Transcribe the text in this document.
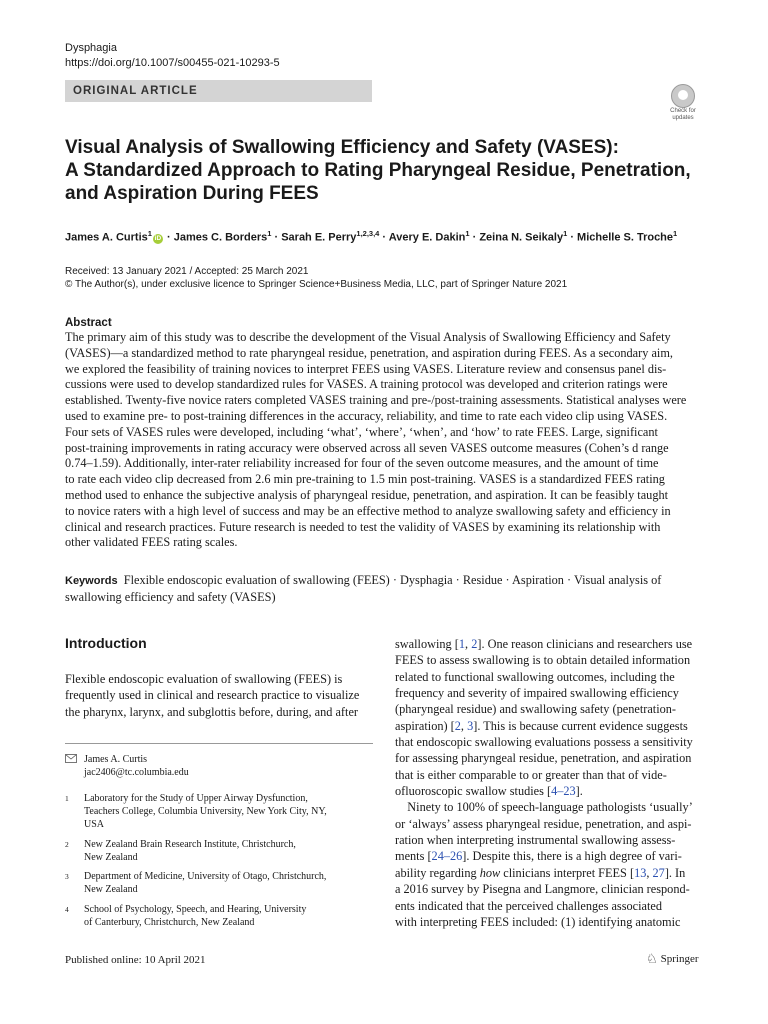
Dysphagia
https://doi.org/10.1007/s00455-021-10293-5
ORIGINAL ARTICLE
Check for updates
Visual Analysis of Swallowing Efficiency and Safety (VASES):
A Standardized Approach to Rating Pharyngeal Residue, Penetration,
and Aspiration During FEES
James A. Curtis$^1$iD · James C. Borders$^1$ · Sarah E. Perry$^{1,2,3,4}$ · Avery E. Dakin$^1$ · Zeina N. Seikaly$^1$ · Michelle S. Troche$^1$
Received: 13 January 2021 / Accepted: 25 March 2021
© The Author(s), under exclusive licence to Springer Science+Business Media, LLC, part of Springer Nature 2021
Abstract
The primary aim of this study was to describe the development of the Visual Analysis of Swallowing Efficiency and Safety
(VASES)—a standardized method to rate pharyngeal residue, penetration, and aspiration during FEES. As a secondary aim,
we explored the feasibility of training novices to interpret FEES using VASES. Literature review and consensus panel dis-
cussions were used to develop standardized rules for VASES. A training protocol was developed and criterion ratings were
established. Twenty-five novice raters completed VASES training and pre-/post-training assessments. Statistical analyses were
used to examine pre- to post-training differences in the accuracy, reliability, and time to rate each video clip using VASES.
Four sets of VASES rules were developed, including ‘what’, ‘where’, ‘when’, and ‘how’ to rate FEES. Large, significant
post-training improvements in rating accuracy were observed across all seven VASES outcome measures (Cohen’s d range
0.74–1.59). Additionally, inter-rater reliability increased for four of the seven outcome measures, and the amount of time
to rate each video clip decreased from 2.6 min pre-training to 1.5 min post-training. VASES is a standardized FEES rating
method used to enhance the subjective analysis of pharyngeal residue, penetration, and aspiration. It can be feasibly taught
to novice raters with a high level of success and may be an effective method to analyze swallowing safety and efficiency in
clinical and research practices. Future research is needed to test the validity of VASES by examining its relationship with
other validated FEES rating scales.
Keywords Flexible endoscopic evaluation of swallowing (FEES) · Dysphagia · Residue · Aspiration · Visual analysis of
swallowing efficiency and safety (VASES)
Introduction
Flexible endoscopic evaluation of swallowing (FEES) is
frequently used in clinical and research practice to visualize
the pharynx, larynx, and subglottis before, during, and after
James A. Curtis
jac2406@tc.columbia.edu
1 Laboratory for the Study of Upper Airway Dysfunction,
Teachers College, Columbia University, New York City, NY,
USA
2 New Zealand Brain Research Institute, Christchurch,
New Zealand
3 Department of Medicine, University of Otago, Christchurch,
New Zealand
4 School of Psychology, Speech, and Hearing, University
of Canterbury, Christchurch, New Zealand
swallowing [1, 2]. One reason clinicians and researchers use
FEES to assess swallowing is to obtain detailed information
related to functional swallowing outcomes, including the
frequency and severity of impaired swallowing efficiency
(pharyngeal residue) and swallowing safety (penetration-
aspiration) [2, 3]. This is because current evidence suggests
that endoscopic swallowing evaluations possess a sensitivity
for assessing pharyngeal residue, penetration, and aspiration
that is either comparable to or greater than that of vide-
ofluoroscopic swallow studies [4–23].
Ninety to 100% of speech-language pathologists ‘usually’
or ‘always’ assess pharyngeal residue, penetration, and aspi-
ration when interpreting instrumental swallowing assess-
ments [24–26]. Despite this, there is a high degree of vari-
ability regarding how clinicians interpret FEES [13, 27]. In
a 2016 survey by Pisegna and Langmore, clinician respond-
ents indicated that the perceived challenges associated
with interpreting FEES included: (1) identifying anatomic
Published online: 10 April 2021	♘ Springer
